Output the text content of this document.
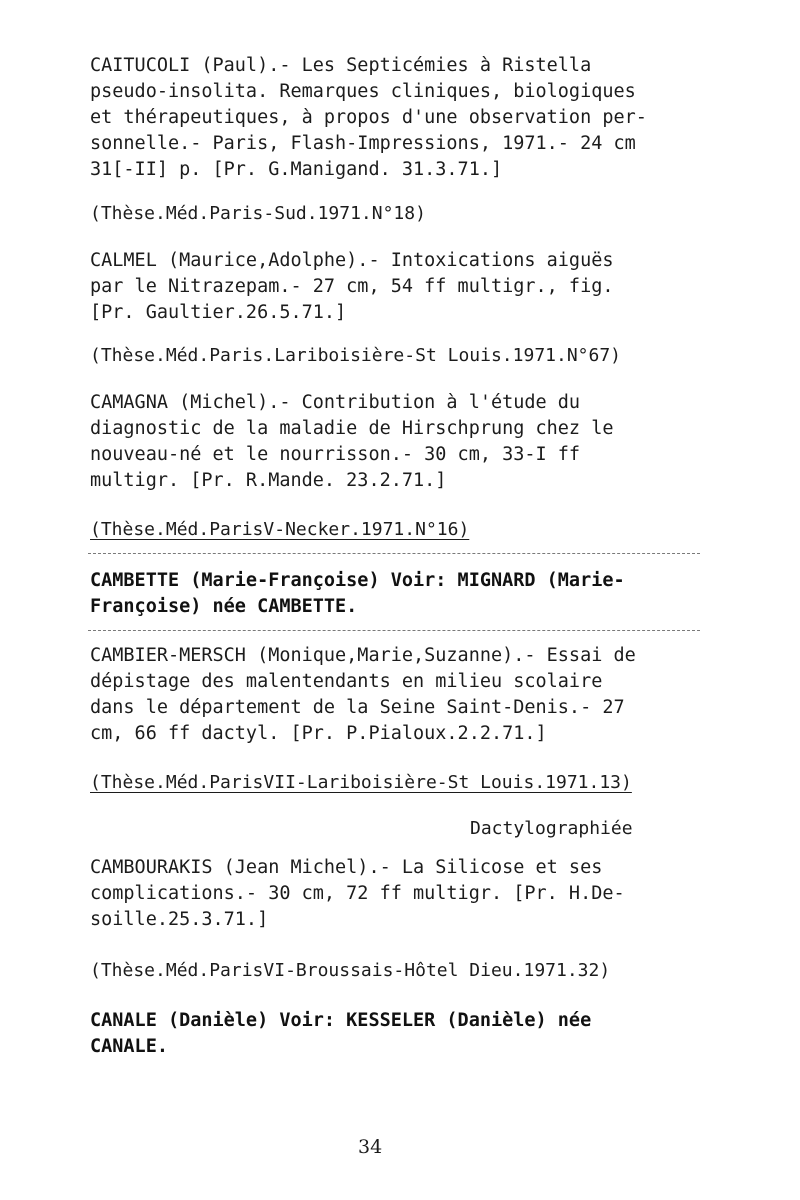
CAITUCOLI (Paul).- Les Septicémies à Ristella
pseudo-insolita. Remarques cliniques, biologiques
et thérapeutiques, à propos d'une observation per-
sonnelle.- Paris, Flash-Impressions, 1971.- 24 cm
31[-II] p. [Pr. G.Manigand. 31.3.71.]
(Thèse.Méd.Paris-Sud.1971.N°18)
CALMEL (Maurice,Adolphe).- Intoxications aiguës
par le Nitrazepam.- 27 cm, 54 ff multigr., fig.
[Pr. Gaultier.26.5.71.]
(Thèse.Méd.Paris.Lariboisière-St Louis.1971.N°67)
CAMAGNA (Michel).- Contribution à l'étude du
diagnostic de la maladie de Hirschprung chez le
nouveau-né et le nourrisson.- 30 cm, 33-I ff
multigr. [Pr. R.Mande. 23.2.71.]
(Thèse.Méd.ParisV-Necker.1971.N°16)
CAMBETTE (Marie-Françoise) Voir: MIGNARD (Marie-
Françoise) née CAMBETTE.
CAMBIER-MERSCH (Monique,Marie,Suzanne).- Essai de
dépistage des malentendants en milieu scolaire
dans le département de la Seine Saint-Denis.- 27
cm, 66 ff dactyl. [Pr. P.Pialoux.2.2.71.]
(Thèse.Méd.ParisVII-Lariboisière-St Louis.1971.13)
Dactylographiée
CAMBOURAKIS (Jean Michel).- La Silicose et ses
complications.- 30 cm, 72 ff multigr. [Pr. H.De-
soille.25.3.71.]
(Thèse.Méd.ParisVI-Broussais-Hôtel Dieu.1971.32)
CANALE (Danièle) Voir: KESSELER (Danièle) née
CANALE.
34
